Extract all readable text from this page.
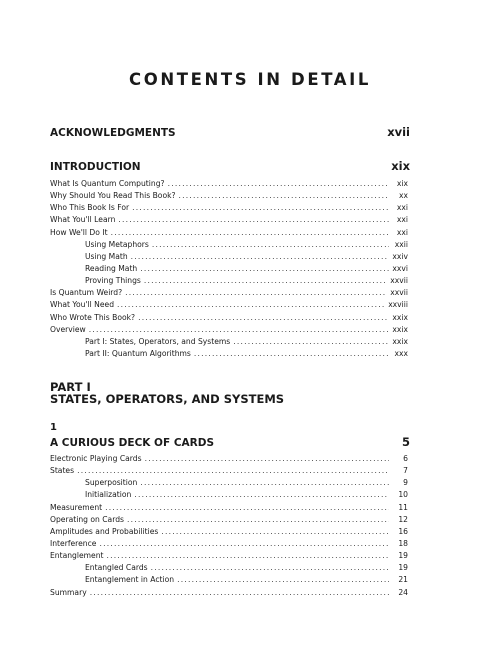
CONTENTS IN DETAIL
ACKNOWLEDGMENTS	xvii
INTRODUCTION	xix
What Is Quantum Computing? . . .	xix
Why Should You Read This Book? . . .	xx
Who This Book Is For . . .	xxi
What You'll Learn . . .	xxi
How We'll Do It . . .	xxi
Using Metaphors . . .	xxii
Using Math . . .	xxiv
Reading Math . . .	xxvi
Proving Things . . .	xxvii
Is Quantum Weird? . . .	xxvii
What You'll Need . . .	xxviii
Who Wrote This Book? . . .	xxix
Overview . . .	xxix
Part I: States, Operators, and Systems . . .	xxix
Part II: Quantum Algorithms . . .	xxx
PART I
STATES, OPERATORS, AND SYSTEMS
1
A CURIOUS DECK OF CARDS	5
Electronic Playing Cards . . .	6
States . . .	7
Superposition . . .	9
Initialization . . .	10
Measurement . . .	11
Operating on Cards . . .	12
Amplitudes and Probabilities . . .	16
Interference . . .	18
Entanglement . . .	19
Entangled Cards . . .	19
Entanglement in Action . . .	21
Summary . . .	24
